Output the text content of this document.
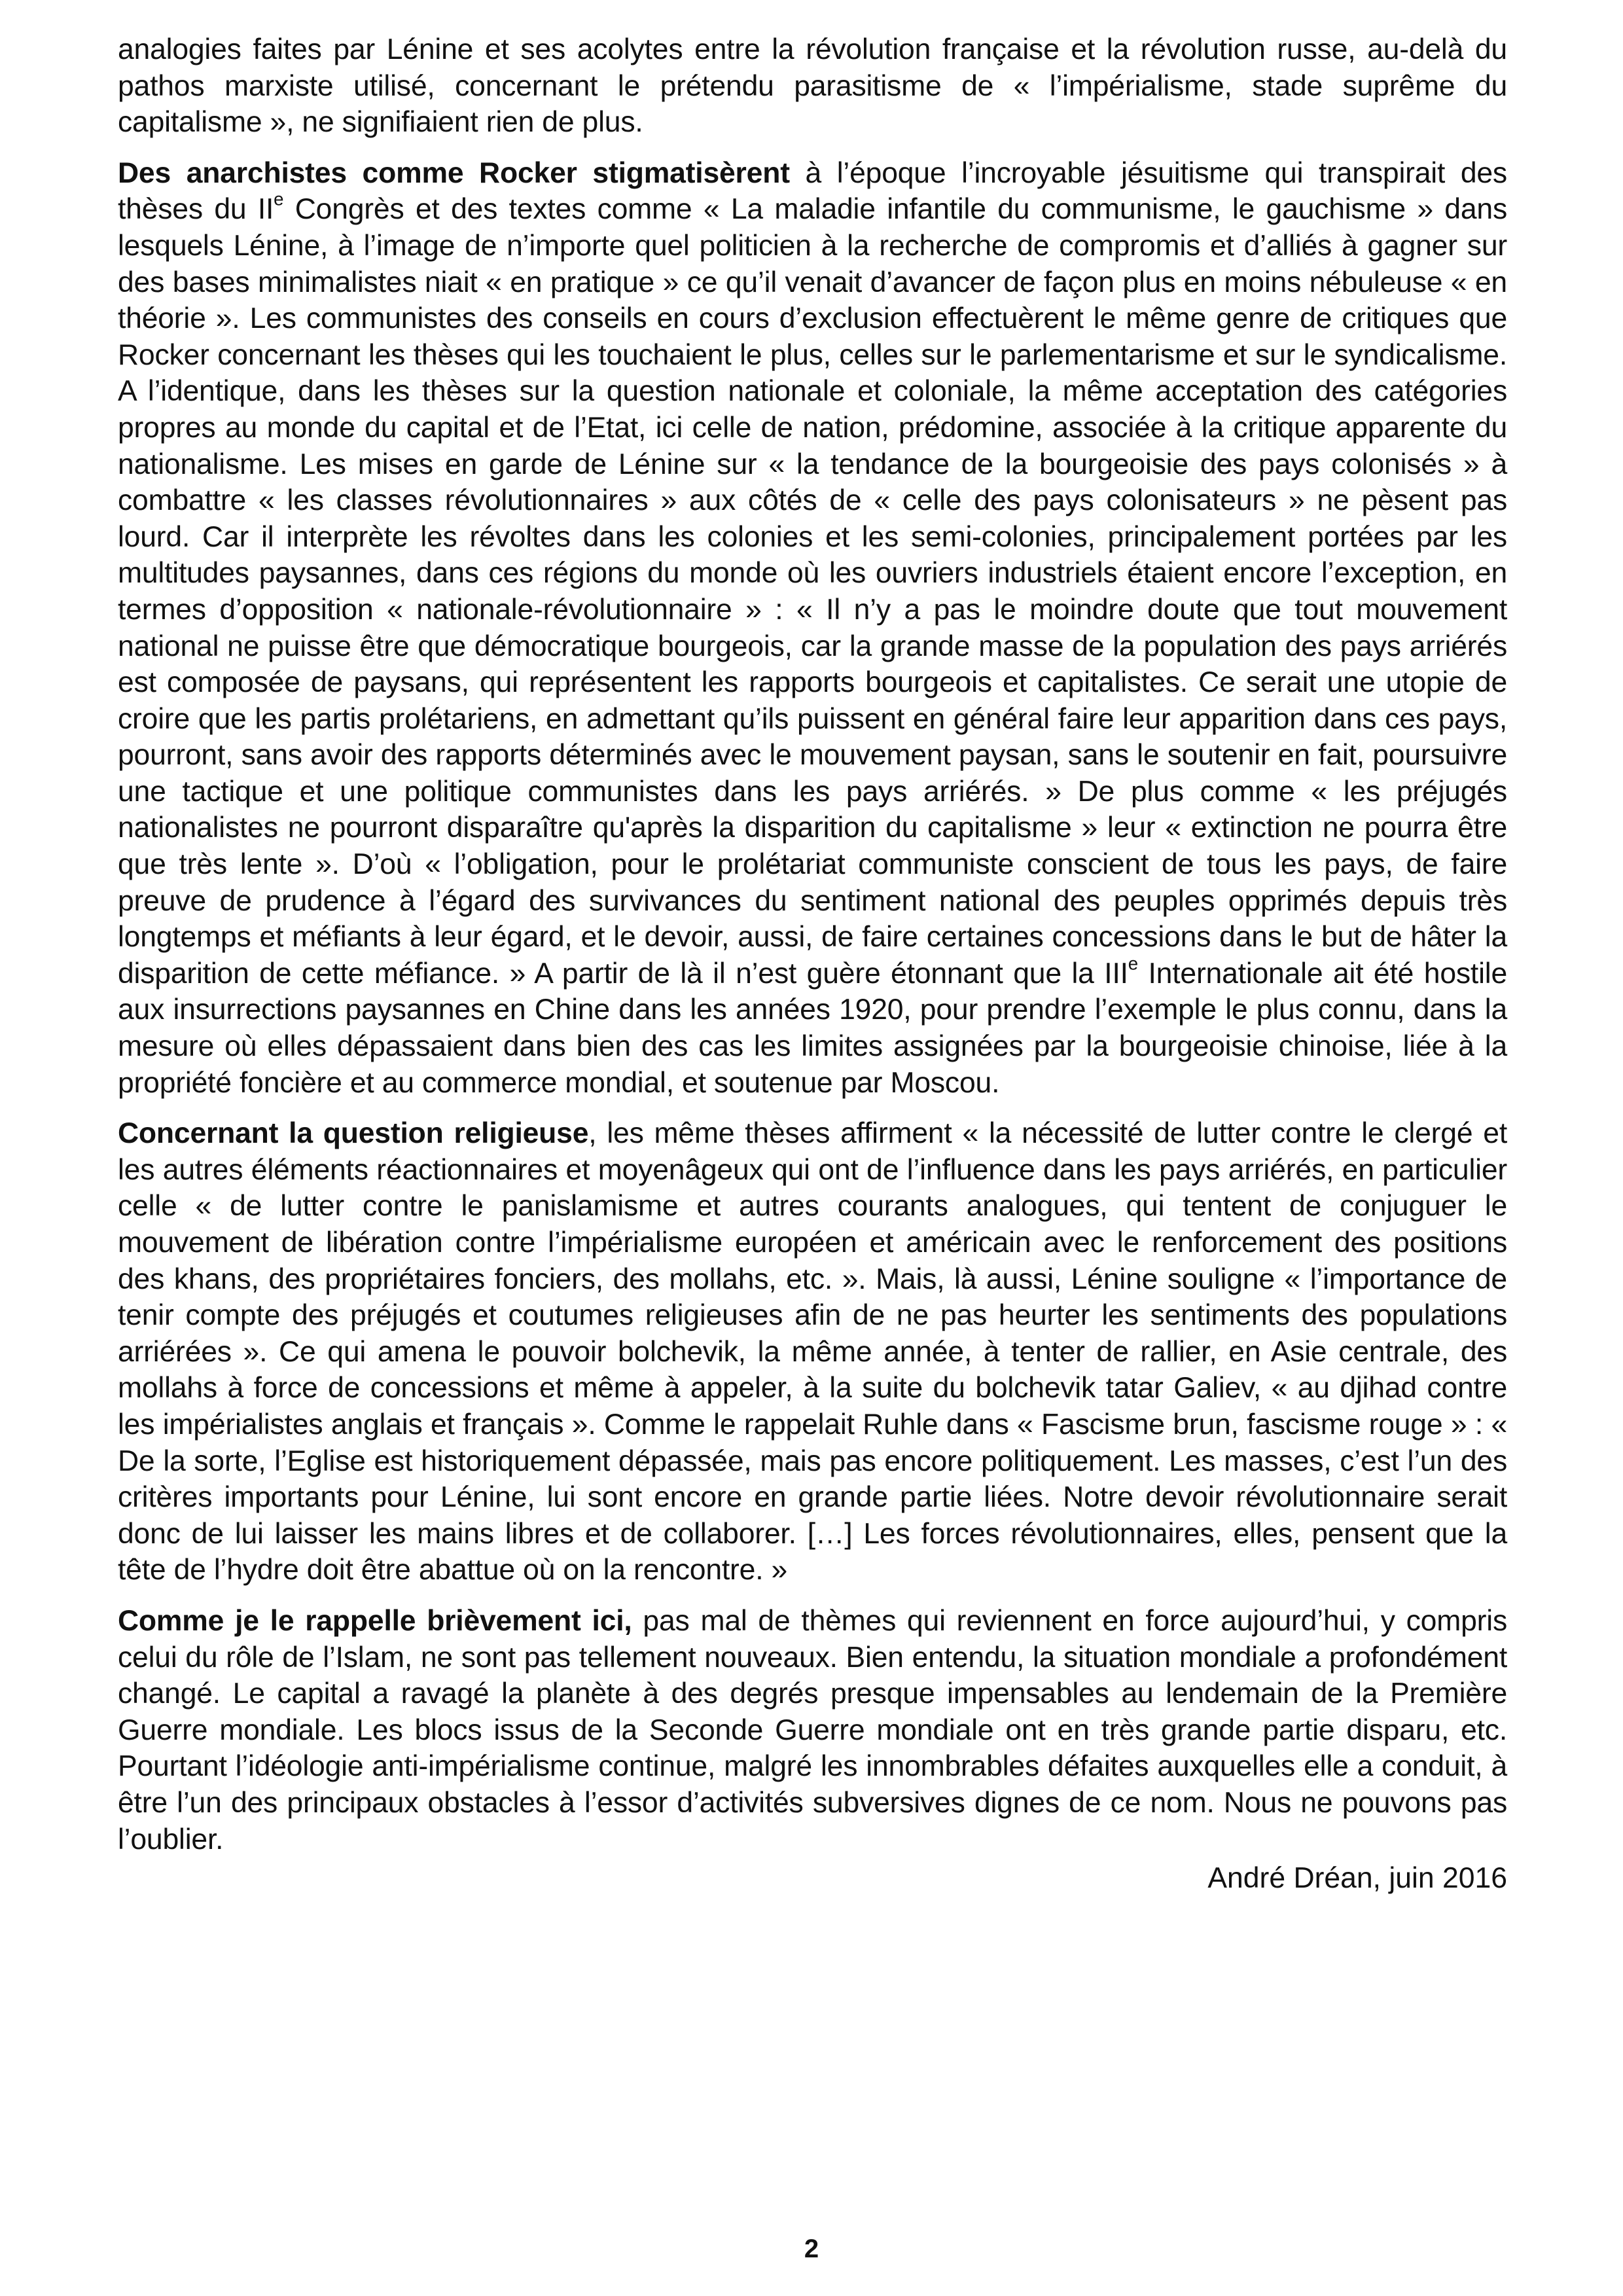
analogies faites par Lénine et ses acolytes entre la révolution française et la révolution russe, au-delà du pathos marxiste utilisé, concernant le prétendu parasitisme de « l’impérialisme, stade suprême du capitalisme », ne signifiaient rien de plus.

Des anarchistes comme Rocker stigmatisèrent à l’époque l’incroyable jésuitisme qui transpirait des thèses du IIe Congrès et des textes comme « La maladie infantile du communisme, le gauchisme » dans lesquels Lénine, à l’image de n’importe quel politicien à la recherche de compromis et d’alliés à gagner sur des bases minimalistes niait « en pratique » ce qu’il venait d’avancer de façon plus en moins nébuleuse « en théorie ». Les communistes des conseils en cours d’exclusion effectuèrent le même genre de critiques que Rocker concernant les thèses qui les touchaient le plus, celles sur le parlementarisme et sur le syndicalisme. A l’identique, dans les thèses sur la question nationale et coloniale, la même acceptation des catégories propres au monde du capital et de l’Etat, ici celle de nation, prédomine, associée à la critique apparente du nationalisme. Les mises en garde de Lénine sur « la tendance de la bourgeoisie des pays colonisés » à combattre « les classes révolutionnaires » aux côtés de « celle des pays colonisateurs » ne pèsent pas lourd. Car il interprète les révoltes dans les colonies et les semi-colonies, principalement portées par les multitudes paysannes, dans ces régions du monde où les ouvriers industriels étaient encore l’exception, en termes d’opposition « nationale-révolutionnaire » : « Il n’y a pas le moindre doute que tout mouvement national ne puisse être que démocratique bourgeois, car la grande masse de la population des pays arriérés est composée de paysans, qui représentent les rapports bourgeois et capitalistes. Ce serait une utopie de croire que les partis prolétariens, en admettant qu’ils puissent en général faire leur apparition dans ces pays, pourront, sans avoir des rapports déterminés avec le mouvement paysan, sans le soutenir en fait, poursuivre une tactique et une politique communistes dans les pays arriérés. » De plus comme « les préjugés nationalistes ne pourront disparaître qu'après la disparition du capitalisme » leur « extinction ne pourra être que très lente ». D’où « l’obligation, pour le prolétariat communiste conscient de tous les pays, de faire preuve de prudence à l’égard des survivances du sentiment national des peuples opprimés depuis très longtemps et méfiants à leur égard, et le devoir, aussi, de faire certaines concessions dans le but de hâter la disparition de cette méfiance. » A partir de là il n’est guère étonnant que la IIIe Internationale ait été hostile aux insurrections paysannes en Chine dans les années 1920, pour prendre l’exemple le plus connu, dans la mesure où elles dépassaient dans bien des cas les limites assignées par la bourgeoisie chinoise, liée à la propriété foncière et au commerce mondial, et soutenue par Moscou.

Concernant la question religieuse, les même thèses affirment « la nécessité de lutter contre le clergé et les autres éléments réactionnaires et moyenâgeux qui ont de l’influence dans les pays arriérés, en particulier celle « de lutter contre le panislamisme et autres courants analogues, qui tentent de conjuguer le mouvement de libération contre l’impérialisme européen et américain avec le renforcement des positions des khans, des propriétaires fonciers, des mollahs, etc. ». Mais, là aussi, Lénine souligne « l’importance de tenir compte des préjugés et coutumes religieuses afin de ne pas heurter les sentiments des populations arriérées ». Ce qui amena le pouvoir bolchevik, la même année, à tenter de rallier, en Asie centrale, des mollahs à force de concessions et même à appeler, à la suite du bolchevik tatar Galiev, « au djihad contre les impérialistes anglais et français ». Comme le rappelait Ruhle dans « Fascisme brun, fascisme rouge » : « De la sorte, l’Eglise est historiquement dépassée, mais pas encore politiquement. Les masses, c’est l’un des critères importants pour Lénine, lui sont encore en grande partie liées. Notre devoir révolutionnaire serait donc de lui laisser les mains libres et de collaborer. […] Les forces révolutionnaires, elles, pensent que la tête de l’hydre doit être abattue où on la rencontre. »

Comme je le rappelle brièvement ici, pas mal de thèmes qui reviennent en force aujourd’hui, y compris celui du rôle de l’Islam, ne sont pas tellement nouveaux. Bien entendu, la situation mondiale a profondément changé. Le capital a ravagé la planète à des degrés presque impensables au lendemain de la Première Guerre mondiale. Les blocs issus de la Seconde Guerre mondiale ont en très grande partie disparu, etc. Pourtant l’idéologie anti-impérialisme continue, malgré les innombrables défaites auxquelles elle a conduit, à être l’un des principaux obstacles à l’essor d’activités subversives dignes de ce nom. Nous ne pouvons pas l’oublier.

André Dréan, juin 2016

2
